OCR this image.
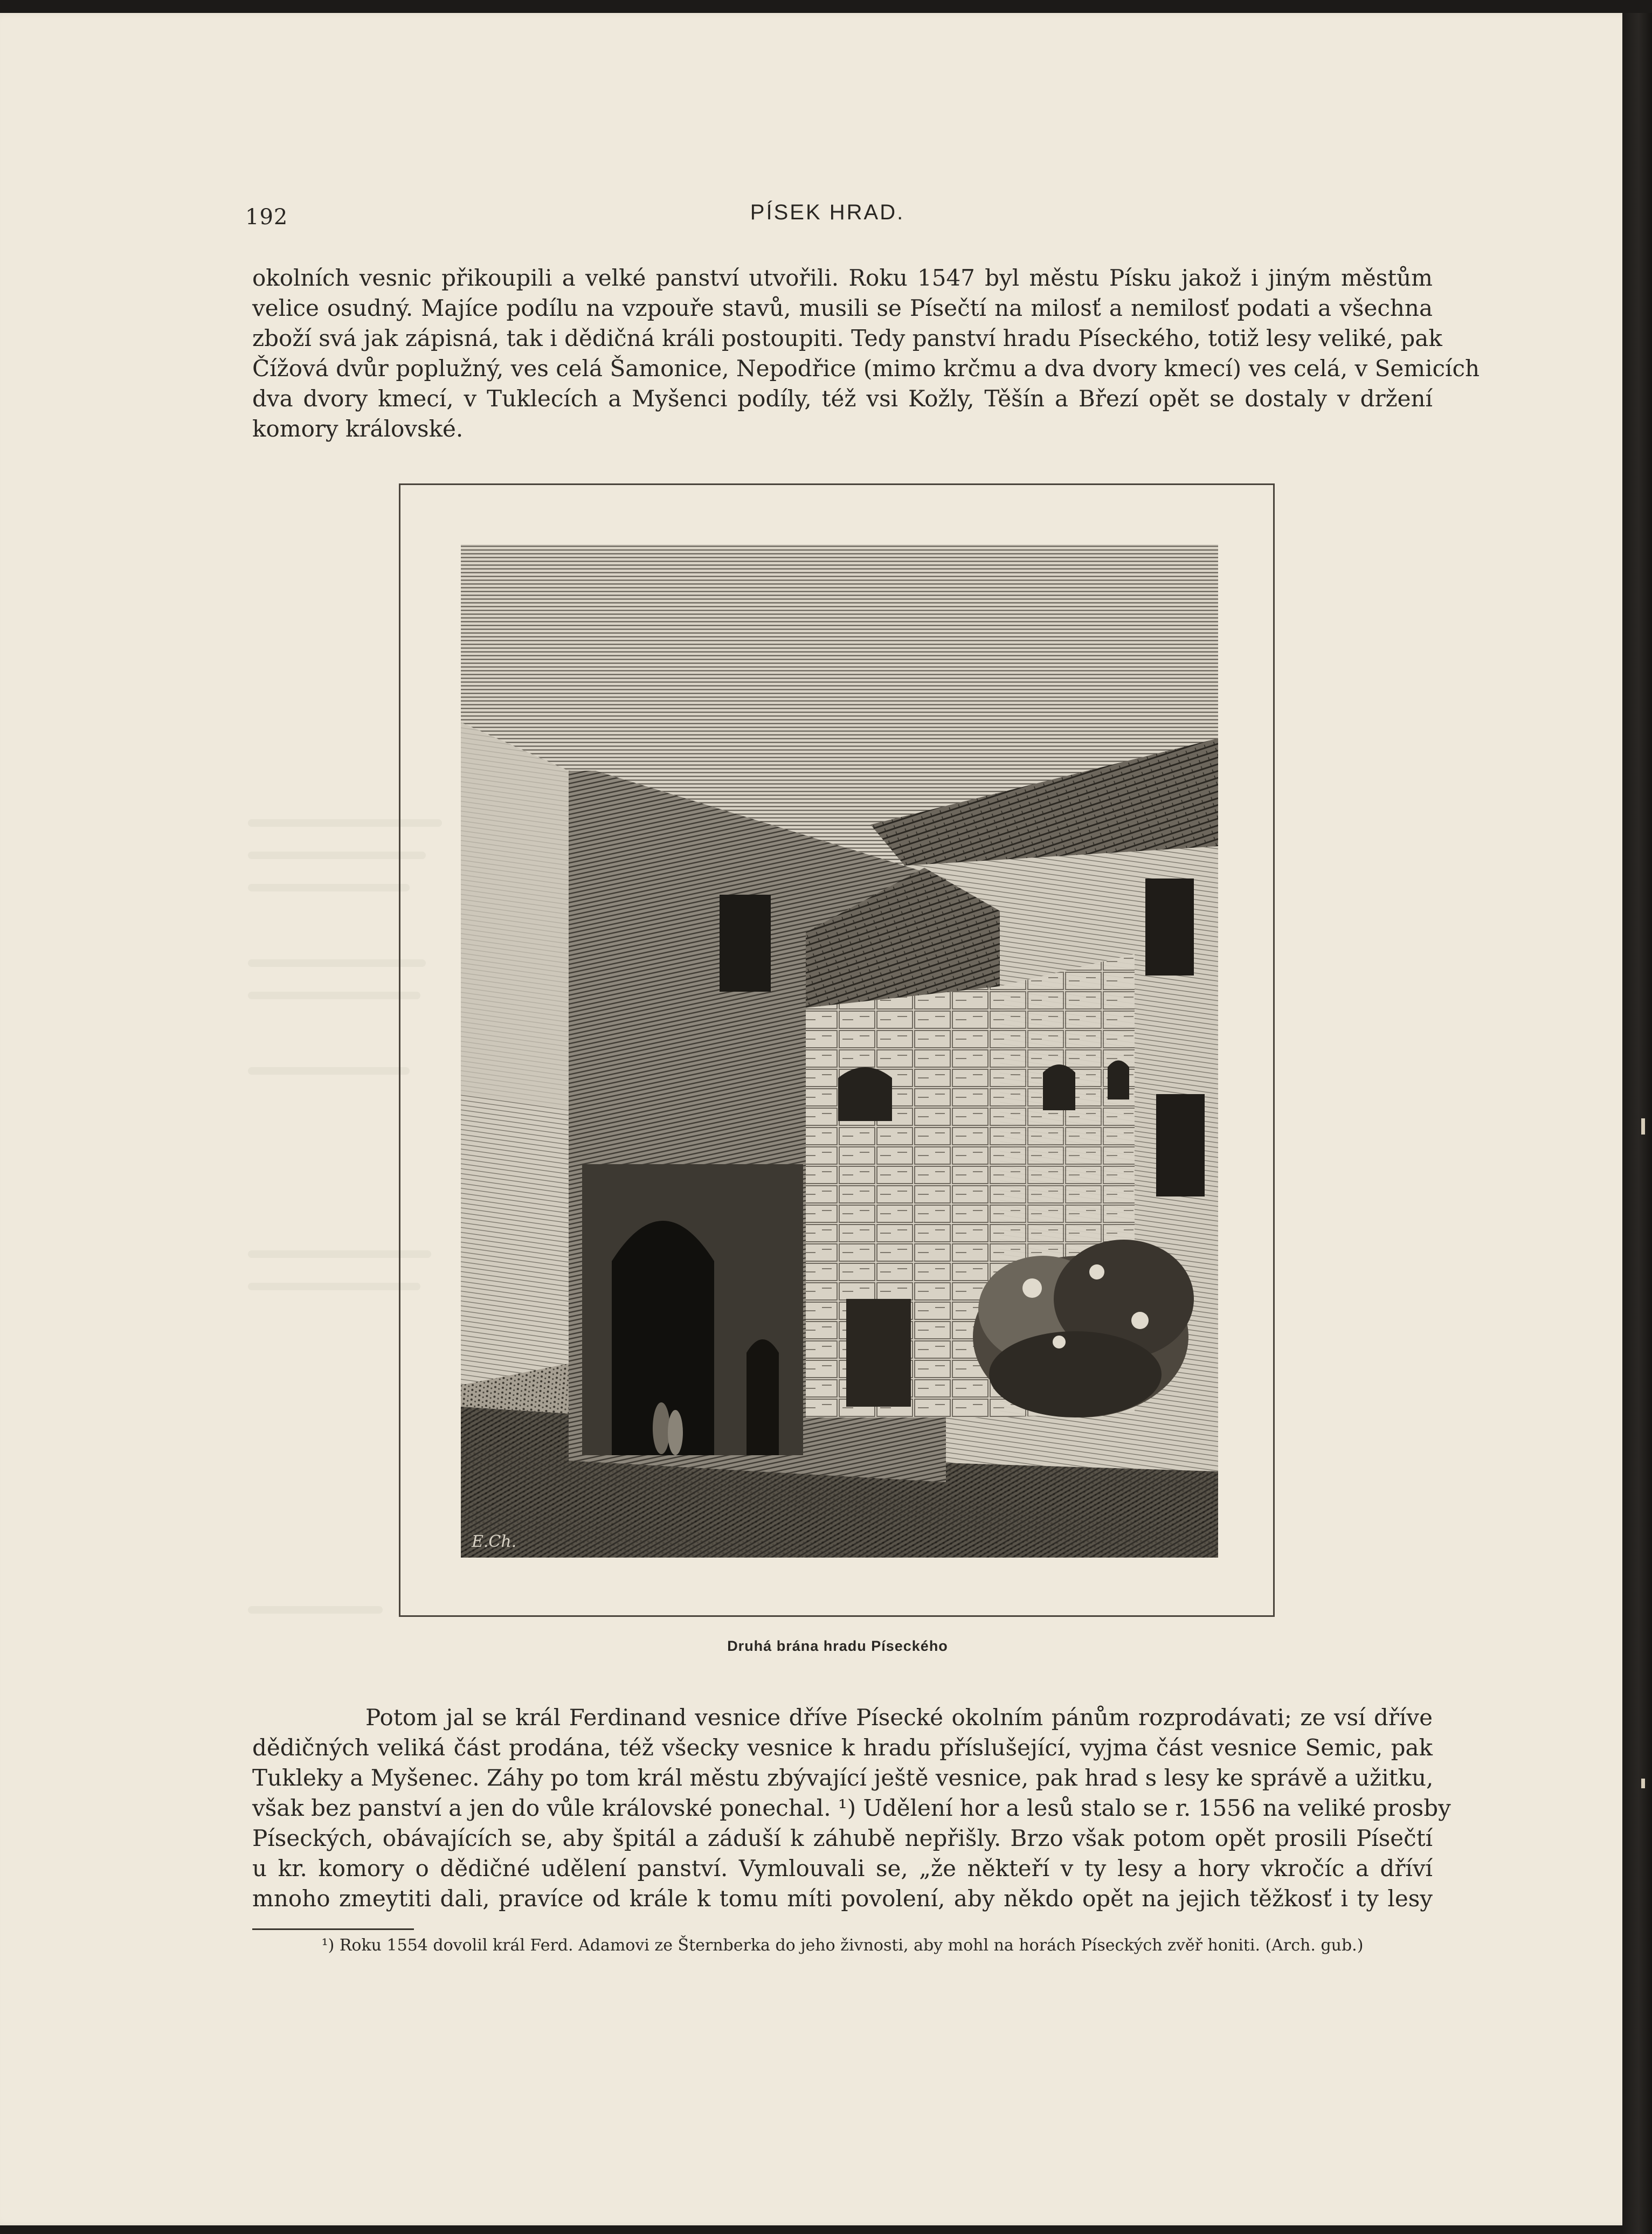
192	PÍSEK HRAD.
okolních vesnic přikoupili a velké panství utvořili. Roku 1547 byl městu Písku jakož i jiným městům
velice osudný. Majíce podílu na vzpouře stavů, musili se Písečtí na milosť a nemilosť podati a všechna
zboží svá jak zápisná, tak i dědičná králi postoupiti. Tedy panství hradu Píseckého, totiž lesy veliké, pak
Čížová dvůr poplužný, ves celá Šamonice, Nepodřice (mimo krčmu a dva dvory kmecí) ves celá, v Semicích
dva dvory kmecí, v Tuklecích a Myšenci podíly, též vsi Kožly, Těšín a Březí opět se dostaly v držení
komory královské.
E.Ch.
Druhá brána hradu Píseckého
Potom jal se král Ferdinand vesnice dříve Písecké okolním pánům rozprodávati; ze vsí dříve
dědičných veliká část prodána, též všecky vesnice k hradu příslušející, vyjma část vesnice Semic, pak
Tukleky a Myšenec. Záhy po tom král městu zbývající ještě vesnice, pak hrad s lesy ke správě a užitku,
však bez panství a jen do vůle královské ponechal. ¹) Udělení hor a lesů stalo se r. 1556 na veliké prosby
Píseckých, obávajících se, aby špitál a záduší k záhubě nepřišly. Brzo však potom opět prosili Písečtí
u kr. komory o dědičné udělení panství. Vymlouvali se, „že někteří v ty lesy a hory vkročíc a dříví
mnoho zmeytiti dali, pravíce od krále k tomu míti povolení, aby někdo opět na jejich těžkosť i ty lesy
¹) Roku 1554 dovolil král Ferd. Adamovi ze Šternberka do jeho živnosti, aby mohl na horách Píseckých zvěř honiti. (Arch. gub.)
